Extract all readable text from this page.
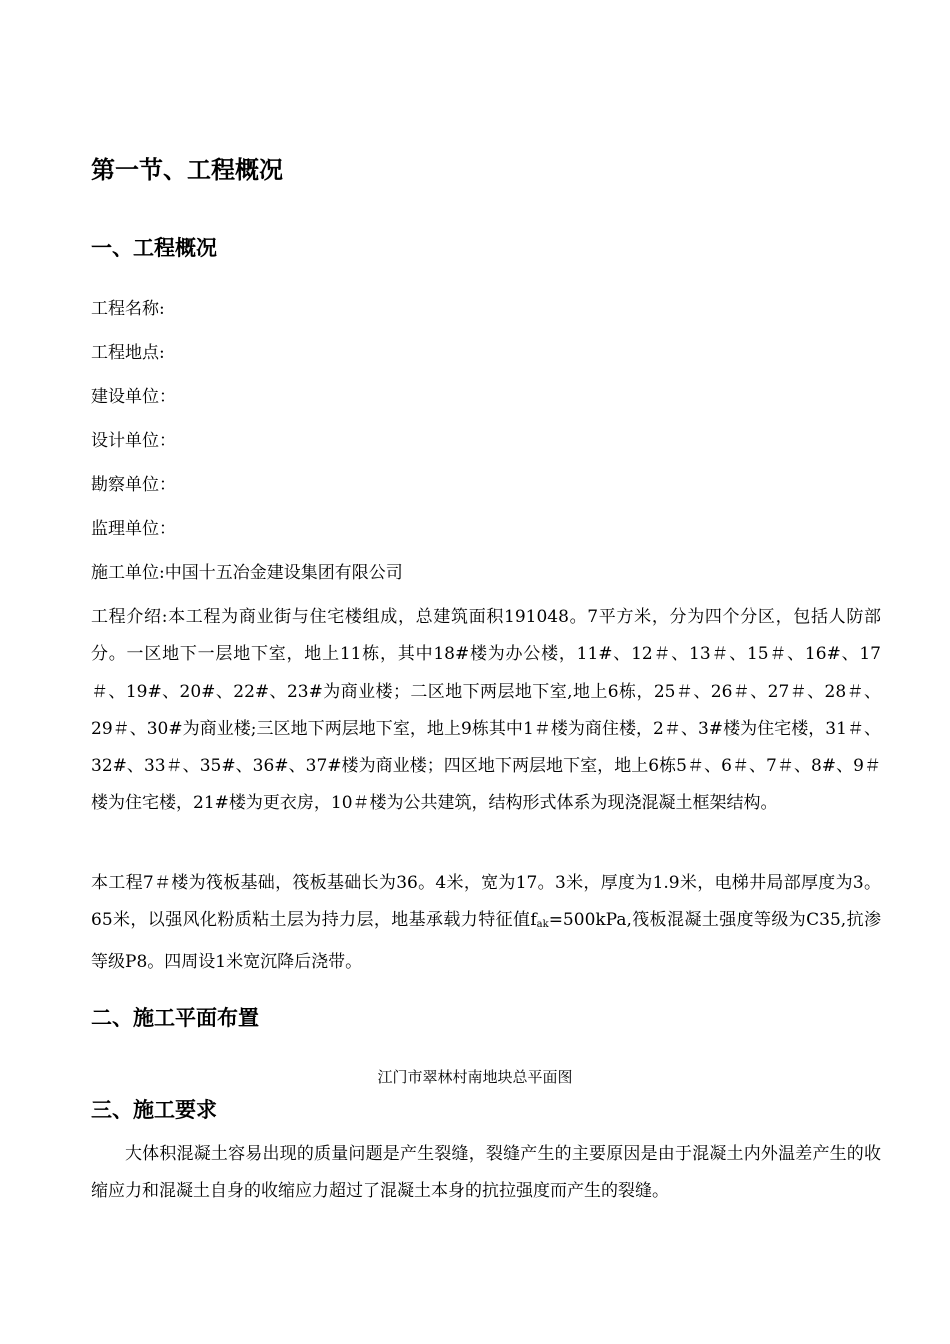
第一节、工程概况
一、工程概况

工程名称:

工程地点:

建设单位：

设计单位：

勘察单位：

监理单位：

施工单位:中国十五冶金建设集团有限公司

工程介绍:本工程为商业街与住宅楼组成，总建筑面积191048。7平方米，分为四个分区，包括人防部分。一区地下一层地下室，地上11栋，其中18#楼为办公楼，11#、12＃、13＃、15＃、16#、17＃、19#、20#、22#、23#为商业楼；二区地下两层地下室,地上6栋，25＃、26＃、27＃、28＃、29＃、30#为商业楼;三区地下两层地下室，地上9栋其中1＃楼为商住楼，2＃、3#楼为住宅楼，31＃、32#、33＃、35#、36#、37#楼为商业楼；四区地下两层地下室，地上6栋5＃、6＃、7＃、8#、9＃楼为住宅楼，21#楼为更衣房，10＃楼为公共建筑，结构形式体系为现浇混凝土框架结构。

本工程7＃楼为筏板基础，筏板基础长为36。4米，宽为17。3米，厚度为1.9米，电梯井局部厚度为3。65米，以强风化粉质粘土层为持力层，地基承载力特征值$f_{ak}=500kPa$,筏板混凝土强度等级为C35,抗渗等级P8。四周设1米宽沉降后浇带。

二、施工平面布置

江门市翠林村南地块总平面图

三、施工要求

大体积混凝土容易出现的质量问题是产生裂缝，裂缝产生的主要原因是由于混凝土内外温差产生的收缩应力和混凝土自身的收缩应力超过了混凝土本身的抗拉强度而产生的裂缝。
